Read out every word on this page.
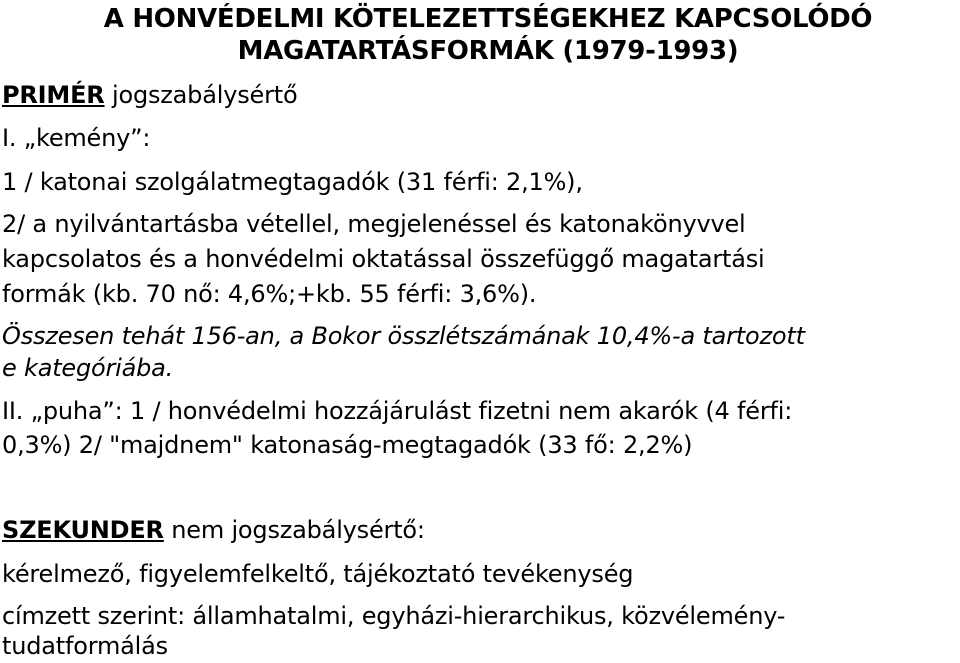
A HONVÉDELMI KÖTELEZETTSÉGEKHEZ KAPCSOLÓDÓ
MAGATARTÁSFORMÁK (1979-1993)
PRIMÉR jogszabálysértő
I. „kemény”:
1 / katonai szolgálatmegtagadók (31 férfi: 2,1%),
2/ a nyilvántartásba vétellel, megjelenéssel és katonakönyvvel
kapcsolatos és a honvédelmi oktatással összefüggő magatartási
formák (kb. 70 nő: 4,6%;+kb. 55 férfi: 3,6%).
Összesen tehát 156-an, a Bokor összlétszámának 10,4%-a tartozott
e kategóriába.
II. „puha”: 1 / honvédelmi hozzájárulást fizetni nem akarók (4 férfi:
0,3%) 2/ "majdnem" katonaság-megtagadók (33 fő: 2,2%)
SZEKUNDER nem jogszabálysértő:
kérelmező, figyelemfelkeltő, tájékoztató tevékenység
címzett szerint: államhatalmi, egyházi-hierarchikus, közvélemény-
tudatformálás
